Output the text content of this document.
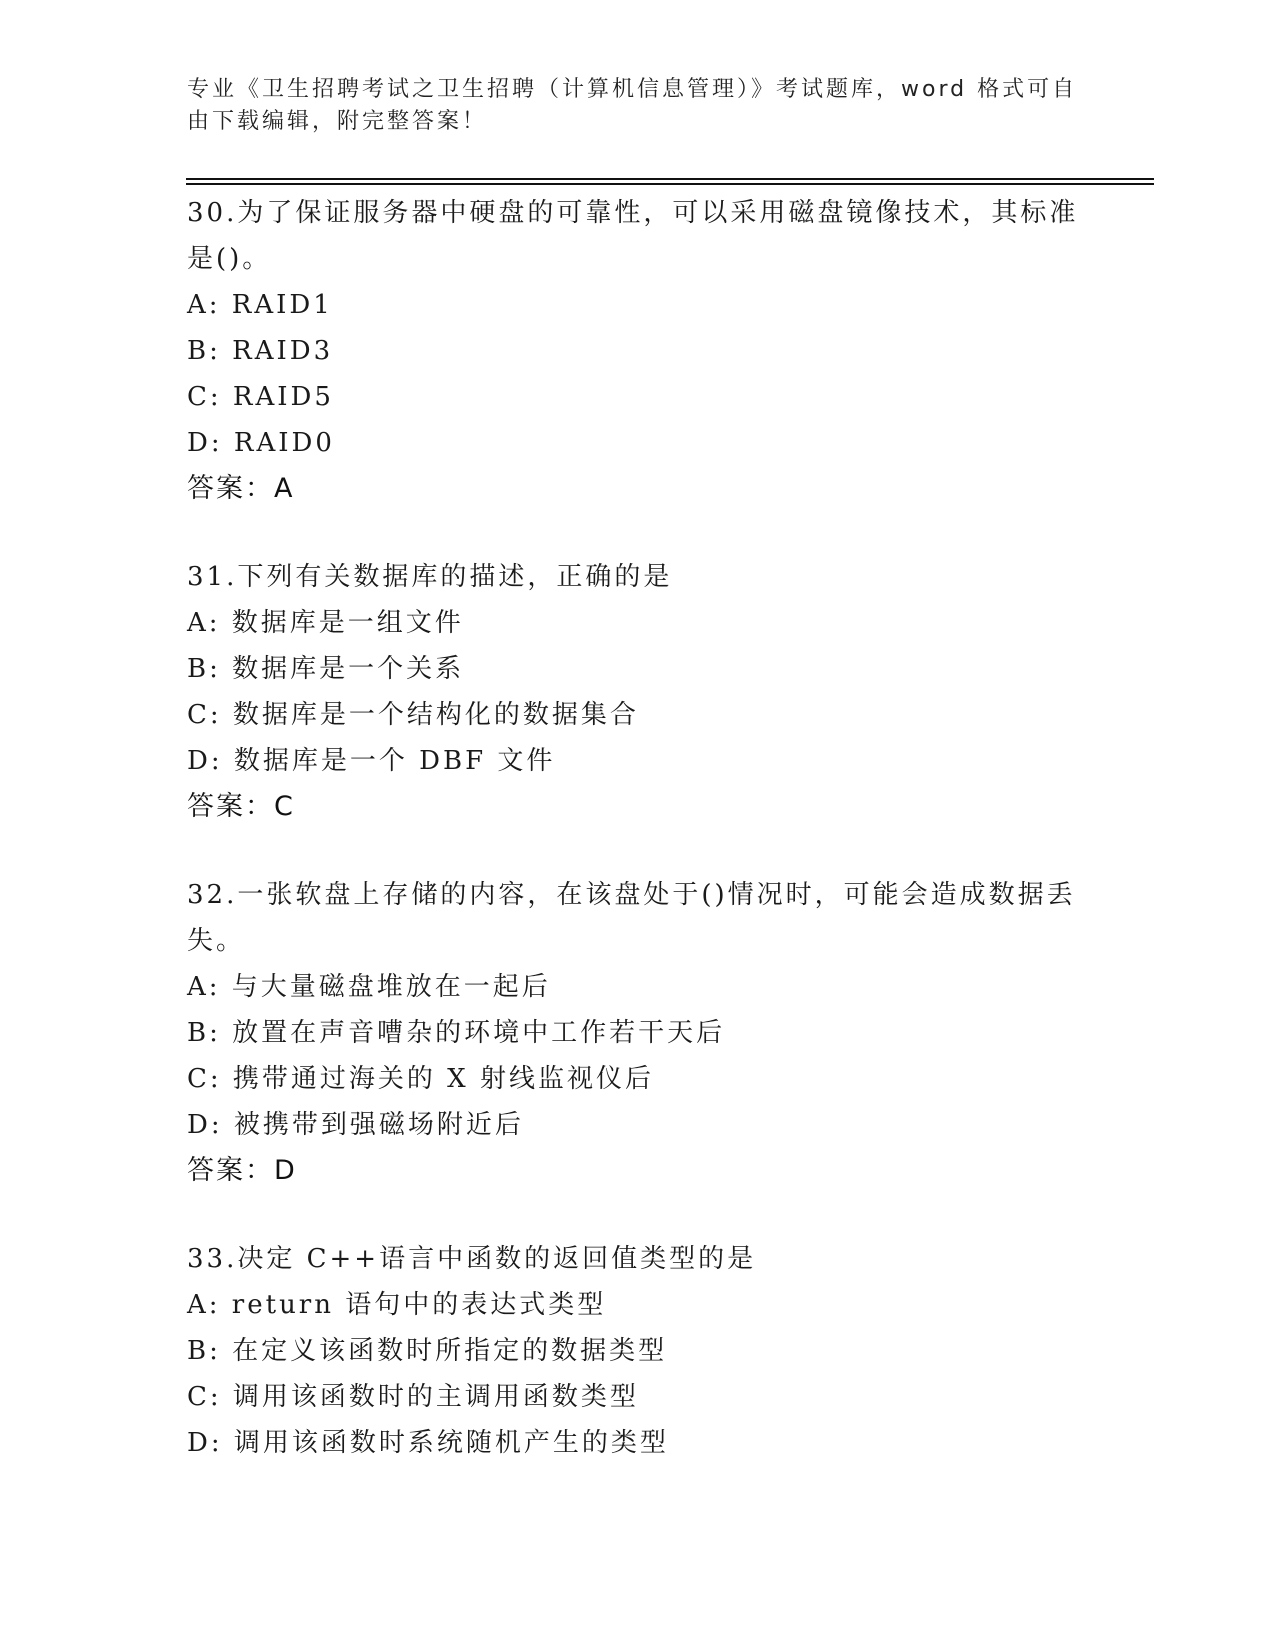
专业《卫生招聘考试之卫生招聘（计算机信息管理）》考试题库，word 格式可自
由下载编辑，附完整答案！
30.为了保证服务器中硬盘的可靠性，可以采用磁盘镜像技术，其标准
是()。
A: RAID1
B: RAID3
C: RAID5
D: RAID0
答案：A
31.下列有关数据库的描述，正确的是
A: 数据库是一组文件
B: 数据库是一个关系
C: 数据库是一个结构化的数据集合
D: 数据库是一个 DBF 文件
答案：C
32.一张软盘上存储的内容，在该盘处于()情况时，可能会造成数据丢
失。
A: 与大量磁盘堆放在一起后
B: 放置在声音嘈杂的环境中工作若干天后
C: 携带通过海关的 X 射线监视仪后
D: 被携带到强磁场附近后
答案：D
33.决定 C++语言中函数的返回值类型的是
A: return 语句中的表达式类型
B: 在定义该函数时所指定的数据类型
C: 调用该函数时的主调用函数类型
D: 调用该函数时系统随机产生的类型
